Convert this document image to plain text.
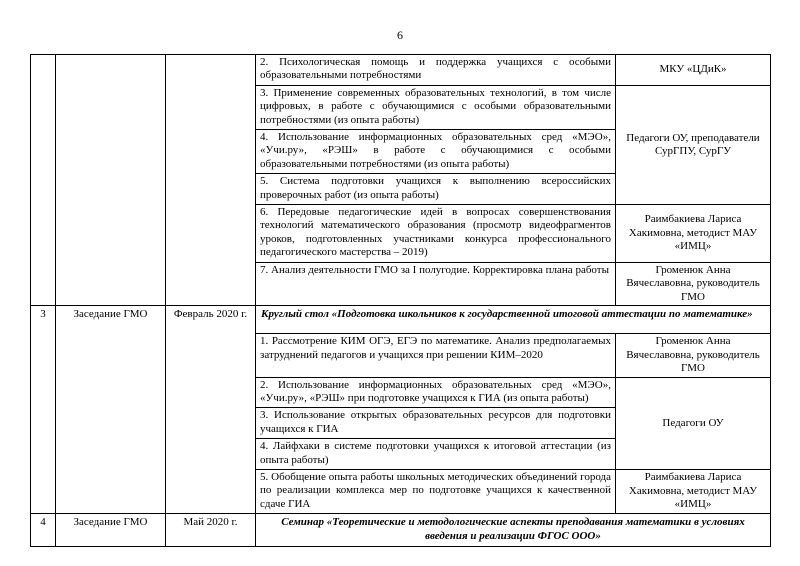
6
			2. Психологическая помощь и поддержка учащихся с особыми образовательными потребностями	МКУ «ЦДиК»
			3. Применение современных образовательных технологий, в том числе цифровых, в работе с обучающимися с особыми образовательными потребностями (из опыта работы)	Педагоги ОУ, преподаватели СурГПУ, СурГУ
			4. Использование информационных образовательных сред «МЭО», «Учи.ру», «РЭШ» в работе с обучающимися с особыми образовательными потребностями (из опыта работы)	
			5. Система подготовки учащихся к выполнению всероссийских проверочных работ (из опыта работы)	
			6. Передовые педагогические идей в вопросах совершенствования технологий математического образования (просмотр видеофрагментов уроков, подготовленных участниками конкурса профессионального педагогического мастерства – 2019)	Раимбакиева Лариса Хакимовна, методист МАУ «ИМЦ»
			7. Анализ деятельности ГМО за I полугодие. Корректировка плана работы	Громенюк Анна Вячеславовна, руководитель ГМО
3	Заседание ГМО	Февраль 2020 г.	Круглый стол «Подготовка школьников к государственной итоговой аттестации по математике»	
			1. Рассмотрение КИМ ОГЭ, ЕГЭ по математике. Анализ предполагаемых затруднений педагогов и учащихся при решении КИМ–2020	Громенюк Анна Вячеславовна, руководитель ГМО
			2. Использование информационных образовательных сред «МЭО», «Учи.ру», «РЭШ» при подготовке учащихся к ГИА (из опыта работы)	Педагоги ОУ
			3. Использование открытых образовательных ресурсов для подготовки учащихся к ГИА	
			4. Лайфхаки в системе подготовки учащихся к итоговой аттестации (из опыта работы)	
			5. Обобщение опыта работы школьных методических объединений города по реализации комплекса мер по подготовке учащихся к качественной сдаче ГИА	Раимбакиева Лариса Хакимовна, методист МАУ «ИМЦ»
4	Заседание ГМО	Май 2020 г.	Семинар «Теоретические и методологические аспекты преподавания математики в условиях введения и реализации ФГОС ООО»	
